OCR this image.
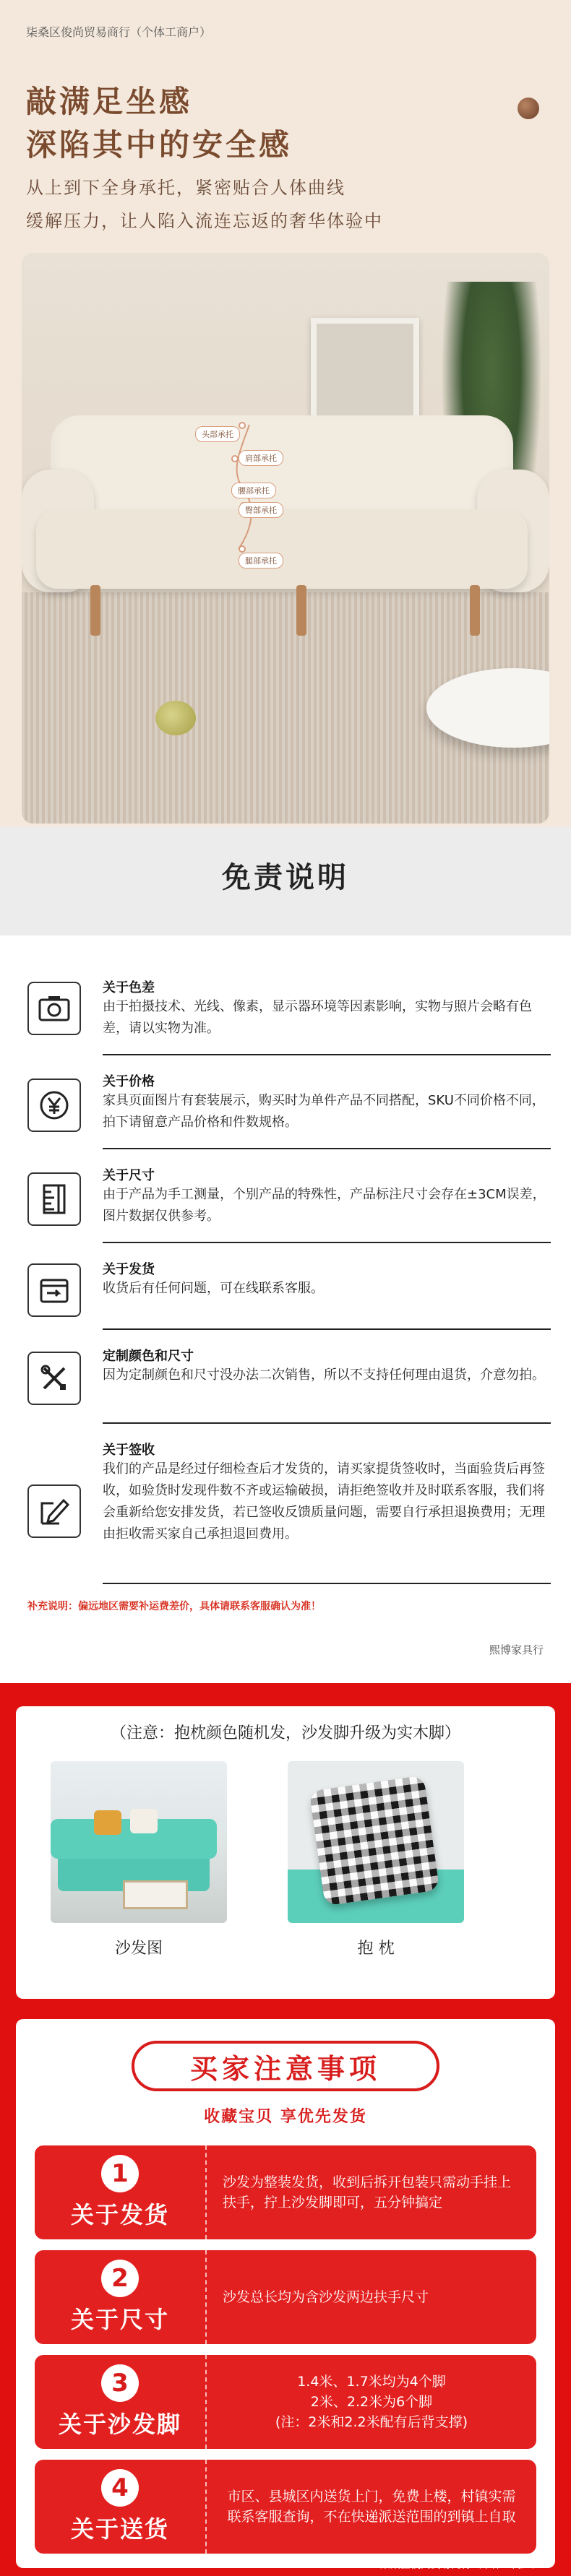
柒桑区俊尚贸易商行（个体工商户）
敲满足坐感
深陷其中的安全感
从上到下全身承托，紧密贴合人体曲线
缓解压力，让人陷入流连忘返的奢华体验中
头部承托
肩部承托
腰部承托
臀部承托
腿部承托
免责说明
关于色差
由于拍摄技术、光线、像素，显示器环境等因素影响，实物与照片会略有色差，请以实物为准。
关于价格
家具页面图片有套装展示，购买时为单件产品不同搭配，SKU不同价格不同，拍下请留意产品价格和件数规格。
关于尺寸
由于产品为手工测量，个别产品的特殊性，产品标注尺寸会存在±3CM误差，图片数据仅供参考。
关于发货
收货后有任何问题，可在线联系客服。
定制颜色和尺寸
因为定制颜色和尺寸没办法二次销售，所以不支持任何理由退货，介意勿拍。
关于签收
我们的产品是经过仔细检查后才发货的，请买家提货签收时，当面验货后再签收，如验货时发现件数不齐或运输破损，请拒绝签收并及时联系客服，我们将会重新给您安排发货，若已签收反馈质量问题，需要自行承担退换费用；无理由拒收需买家自己承担退回费用。
补充说明：偏远地区需要补运费差价，具体请联系客服确认为准！
熙博家具行
（注意：抱枕颜色随机发，沙发脚升级为实木脚）
沙发图	抱 枕
买家注意事项
收藏宝贝 享优先发货
1
关于发货
沙发为整装发货，收到后拆开包装只需动手挂上扶手，拧上沙发脚即可，五分钟搞定
2
关于尺寸
沙发总长均为含沙发两边扶手尺寸
3
关于沙发脚
1.4米、1.7米均为4个脚
2米、2.2米为6个脚
(注：2米和2.2米配有后背支撑)
4
关于送货
市区、县城区内送货上门，免费上楼，村镇实需联系客服查询，不在快递派送范围的到镇上自取
柒桑区俊尚贸易商行（个体工商户）
